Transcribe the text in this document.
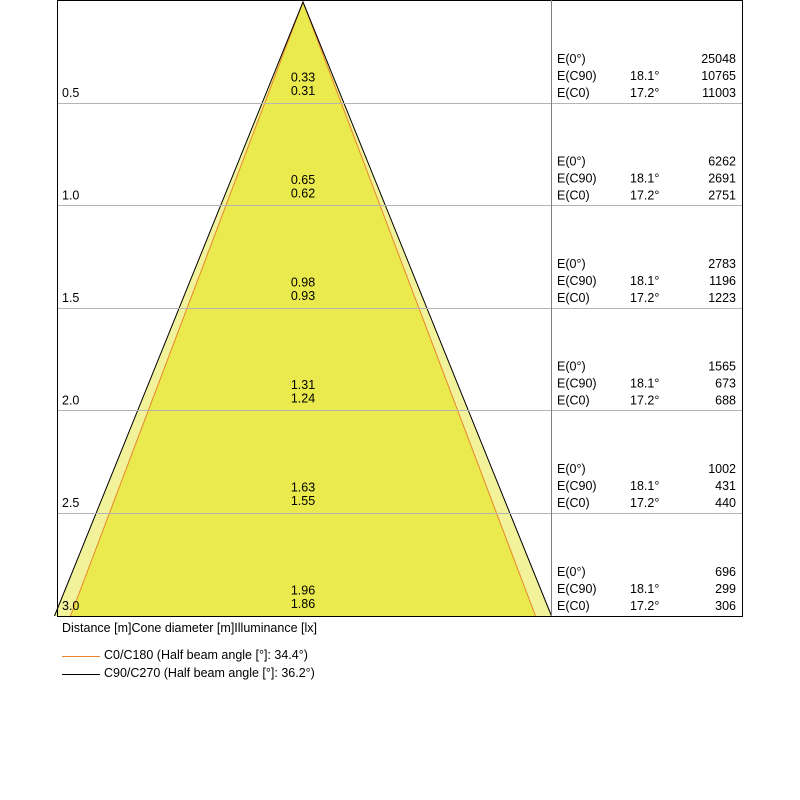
0.5
0.33
0.31
E(0°)	25048
E(C90)	18.1°	10765
E(C0)	17.2°	11003
1.0
0.65
0.62
E(0°)	6262
E(C90)	18.1°	2691
E(C0)	17.2°	2751
1.5
0.98
0.93
E(0°)	2783
E(C90)	18.1°	1196
E(C0)	17.2°	1223
2.0
1.31
1.24
E(0°)	1565
E(C90)	18.1°	673
E(C0)	17.2°	688
2.5
1.63
1.55
E(0°)	1002
E(C90)	18.1°	431
E(C0)	17.2°	440
3.0
1.96
1.86
E(0°)	696
E(C90)	18.1°	299
E(C0)	17.2°	306
Distance [m]Cone diameter [m]Illuminance [lx]
C0/C180 (Half beam angle [°]: 34.4°)
C90/C270 (Half beam angle [°]: 36.2°)
